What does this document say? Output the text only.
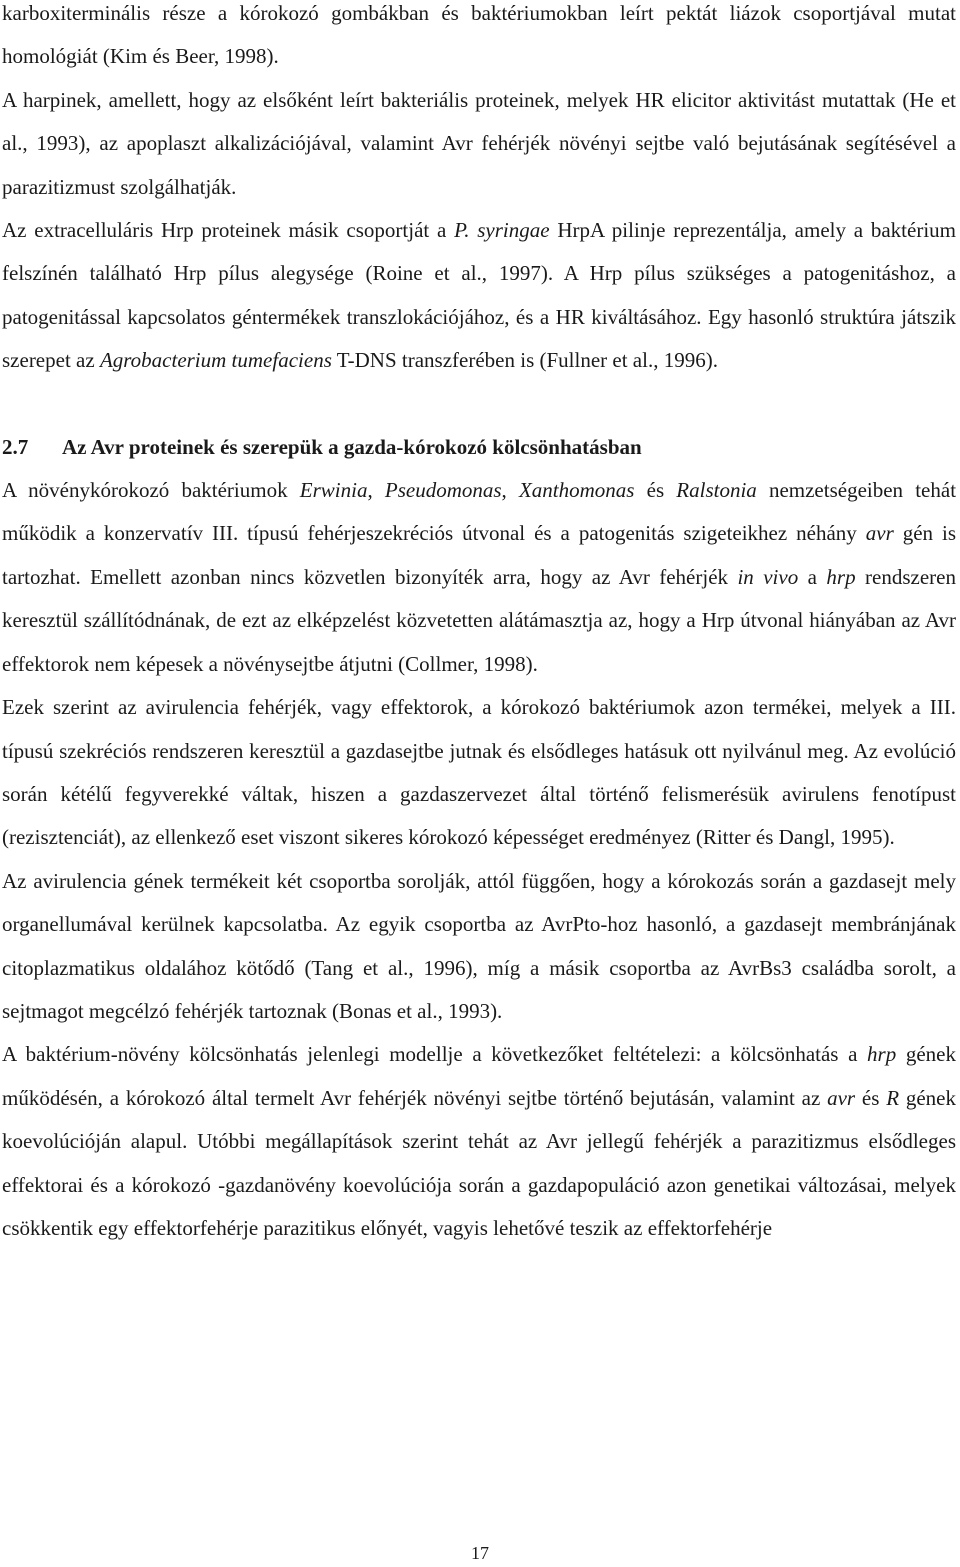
karboxiterminális része a kórokozó gombákban és baktériumokban leírt pektát liázok csoportjával mutat homológiát (Kim és Beer, 1998).

A harpinek, amellett, hogy az elsőként leírt bakteriális proteinek, melyek HR elicitor aktivitást mutattak (He et al., 1993), az apoplaszt alkalizációjával, valamint Avr fehérjék növényi sejtbe való bejutásának segítésével a parazitizmust szolgálhatják.

Az extracelluláris Hrp proteinek másik csoportját a P. syringae HrpA pilinje reprezentálja, amely a baktérium felszínén található Hrp pílus alegysége (Roine et al., 1997). A Hrp pílus szükséges a patogenitáshoz, a patogenitással kapcsolatos géntermékek transzlokációjához, és a HR kiváltásához. Egy hasonló struktúra játszik szerepet az Agrobacterium tumefaciens T-DNS transzferében is (Fullner et al., 1996).

2.7 Az Avr proteinek és szerepük a gazda-kórokozó kölcsönhatásban

A növénykórokozó baktériumok Erwinia, Pseudomonas, Xanthomonas és Ralstonia nemzetségeiben tehát működik a konzervatív III. típusú fehérjeszekréciós útvonal és a patogenitás szigeteikhez néhány avr gén is tartozhat. Emellett azonban nincs közvetlen bizonyíték arra, hogy az Avr fehérjék in vivo a hrp rendszeren keresztül szállítódnának, de ezt az elképzelést közvetetten alátámasztja az, hogy a Hrp útvonal hiányában az Avr effektorok nem képesek a növénysejtbe átjutni (Collmer, 1998).

Ezek szerint az avirulencia fehérjék, vagy effektorok, a kórokozó baktériumok azon termékei, melyek a III. típusú szekréciós rendszeren keresztül a gazdasejtbe jutnak és elsődleges hatásuk ott nyilvánul meg. Az evolúció során kétélű fegyverekké váltak, hiszen a gazdaszervezet által történő felismerésük avirulens fenotípust (rezisztenciát), az ellenkező eset viszont sikeres kórokozó képességet eredményez (Ritter és Dangl, 1995).

Az avirulencia gének termékeit két csoportba sorolják, attól függően, hogy a kórokozás során a gazdasejt mely organellumával kerülnek kapcsolatba. Az egyik csoportba az AvrPto-hoz hasonló, a gazdasejt membránjának citoplazmatikus oldalához kötődő (Tang et al., 1996), míg a másik csoportba az AvrBs3 családba sorolt, a sejtmagot megcélzó fehérjék tartoznak (Bonas et al., 1993).

A baktérium-növény kölcsönhatás jelenlegi modellje a következőket feltételezi: a kölcsönhatás a hrp gének működésén, a kórokozó által termelt Avr fehérjék növényi sejtbe történő bejutásán, valamint az avr és R gének koevolúcióján alapul. Utóbbi megállapítások szerint tehát az Avr jellegű fehérjék a parazitizmus elsődleges effektorai és a kórokozó -gazdanövény koevolúciója során a gazdapopuláció azon genetikai változásai, melyek csökkentik egy effektorfehérje parazitikus előnyét, vagyis lehetővé teszik az effektorfehérje

17
